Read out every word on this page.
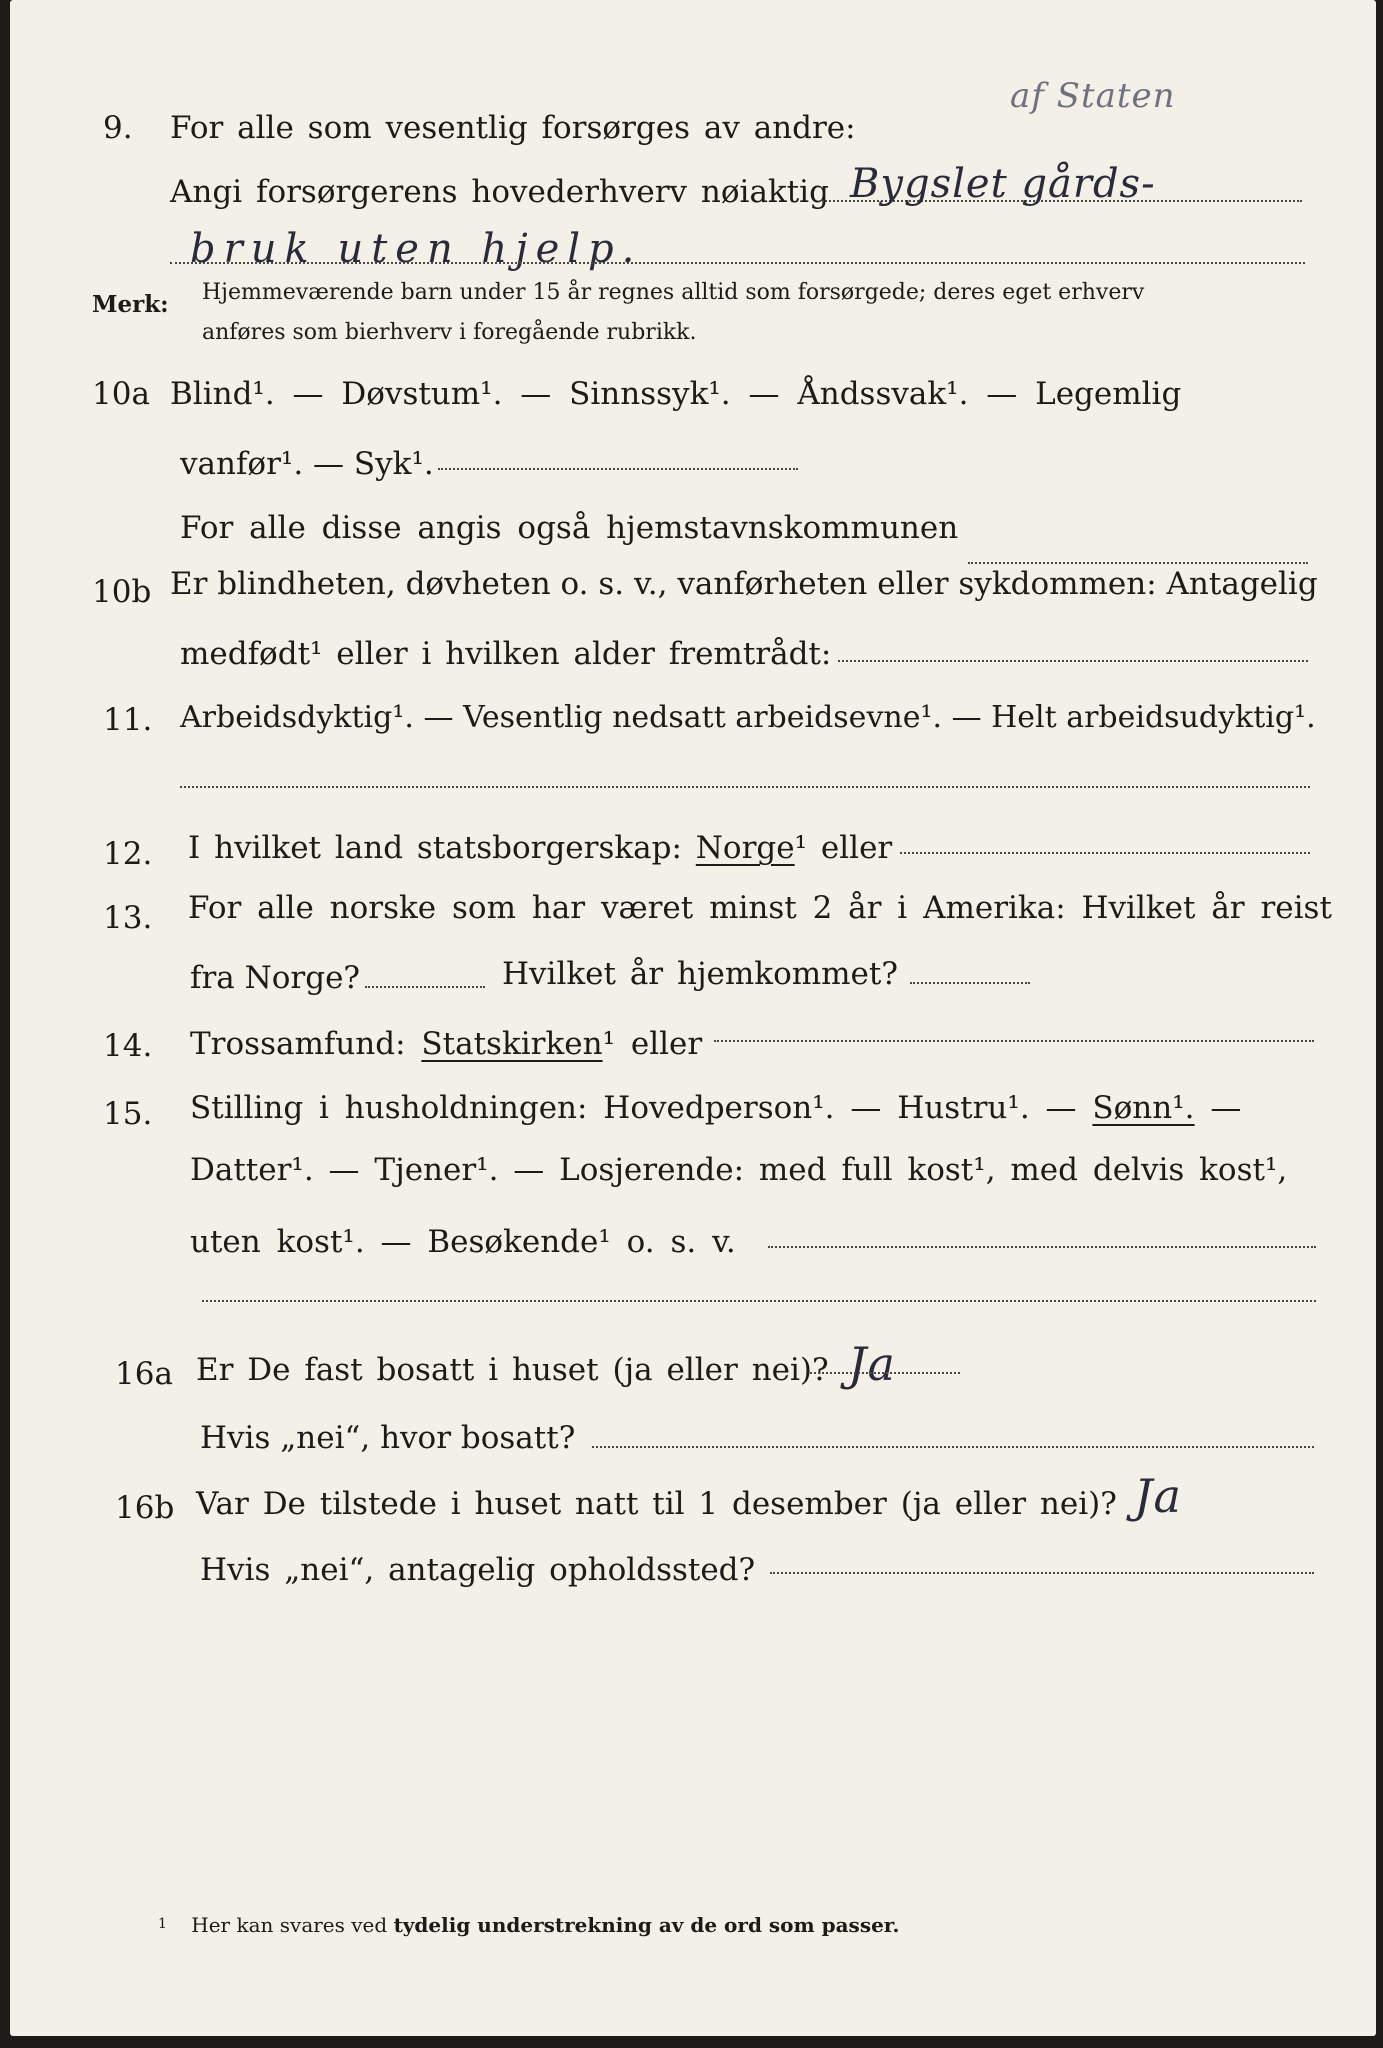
af Staten
9. For alle som vesentlig forsørges av andre:
Angi forsørgerens hovederhverv nøiaktig Bygslet gårds-
bruk uten hjelp.
Merk: Hjemmeværende barn under 15 år regnes alltid som forsørgede; deres eget erhverv
anføres som bierhverv i foregående rubrikk.
10a Blind¹. — Døvstum¹. — Sinnssyk¹. — Åndssvak¹. — Legemlig
vanfør¹. — Syk¹.
For alle disse angis også hjemstavnskommunen
10b Er blindheten, døvheten o. s. v., vanførheten eller sykdommen: Antagelig
medfødt¹ eller i hvilken alder fremtrådt:
11. Arbeidsdyktig¹. — Vesentlig nedsatt arbeidsevne¹. — Helt arbeidsudyktig¹.
12. I hvilket land statsborgerskap: Norge¹ eller
13. For alle norske som har været minst 2 år i Amerika: Hvilket år reist
fra Norge?	Hvilket år hjemkommet?
14. Trossamfund: Statskirken¹ eller
15. Stilling i husholdningen: Hovedperson¹. — Hustru¹. — Sønn¹. —
Datter¹. — Tjener¹. — Losjerende: med full kost¹, med delvis kost¹,
uten kost¹. — Besøkende¹ o. s. v.
16a Er De fast bosatt i huset (ja eller nei)? Ja
Hvis „nei“, hvor bosatt?
16b Var De tilstede i huset natt til 1 desember (ja eller nei)? Ja
Hvis „nei“, antagelig opholdssted?
$^1$ Her kan svares ved tydelig understrekning av de ord som passer.
